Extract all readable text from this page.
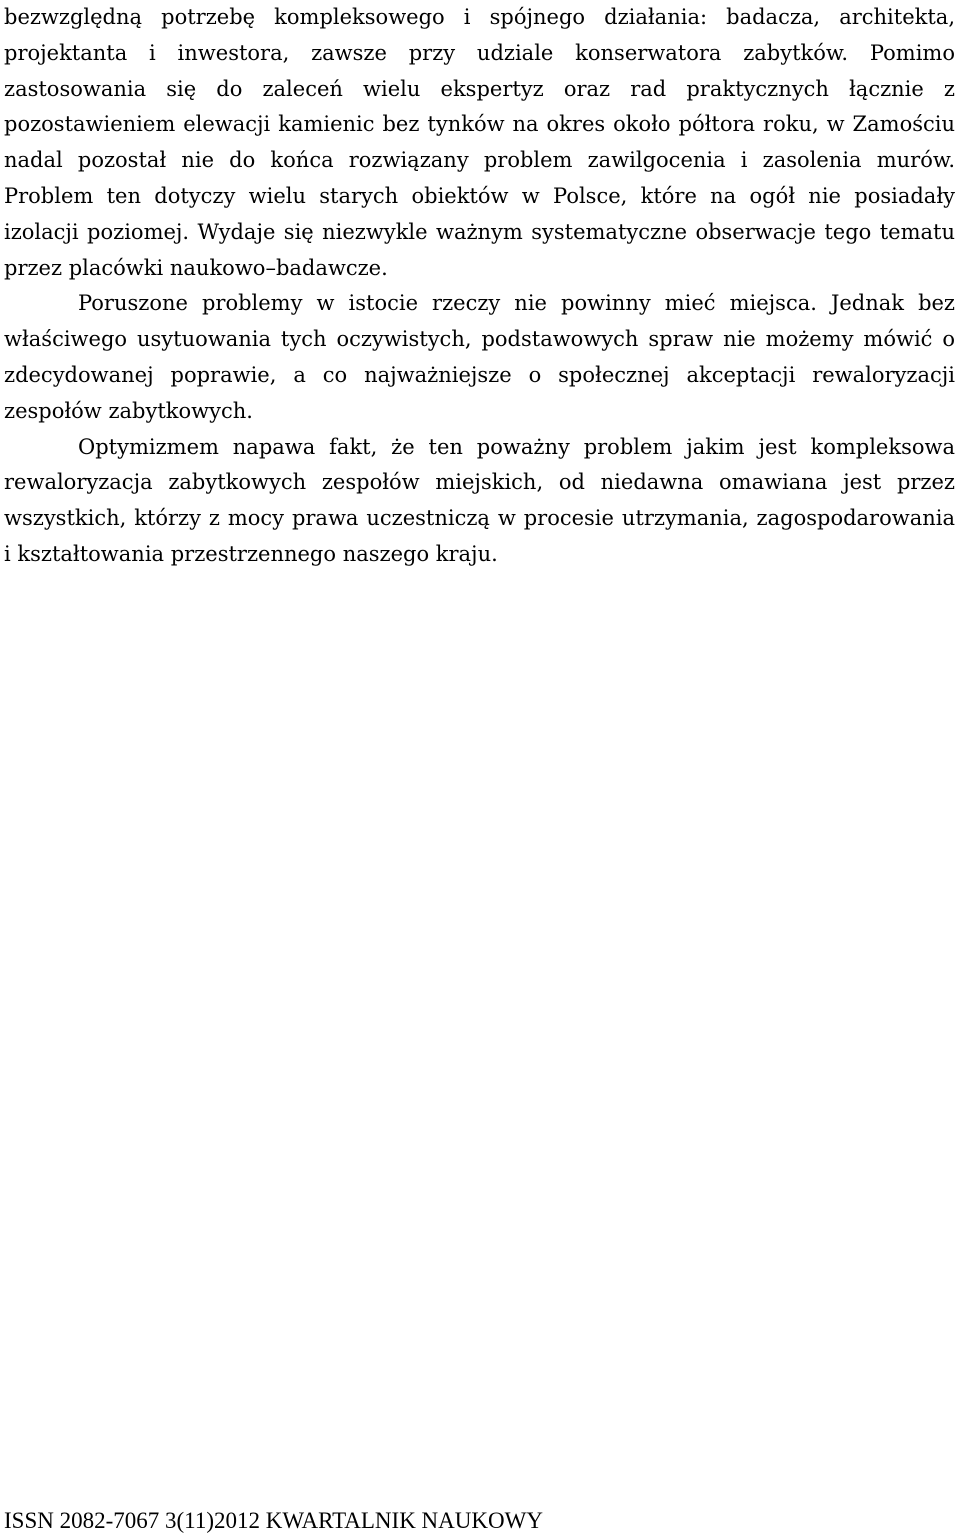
bezwzględną potrzebę kompleksowego i spójnego działania: badacza, architekta, projektanta i inwestora, zawsze przy udziale konserwatora zabytków. Pomimo zastosowania się do zaleceń wielu ekspertyz oraz rad praktycznych łącznie z pozostawieniem elewacji kamienic bez tynków na okres około półtora roku, w Zamościu nadal pozostał nie do końca rozwiązany problem zawilgocenia i zasolenia murów. Problem ten dotyczy wielu starych obiektów w Polsce, które na ogół nie posiadały izolacji poziomej. Wydaje się niezwykle ważnym systematyczne obserwacje tego tematu przez placówki naukowo–badawcze.

Poruszone problemy w istocie rzeczy nie powinny mieć miejsca. Jednak bez właściwego usytuowania tych oczywistych, podstawowych spraw nie możemy mówić o zdecydowanej poprawie, a co najważniejsze o społecznej akceptacji rewaloryzacji zespołów zabytkowych.

Optymizmem napawa fakt, że ten poważny problem jakim jest kompleksowa rewaloryzacja zabytkowych zespołów miejskich, od niedawna omawiana jest przez wszystkich, którzy z mocy prawa uczestniczą w procesie utrzymania, zagospodarowania i kształtowania przestrzennego naszego kraju.

ISSN 2082-7067 3(11)2012 KWARTALNIK NAUKOWY
